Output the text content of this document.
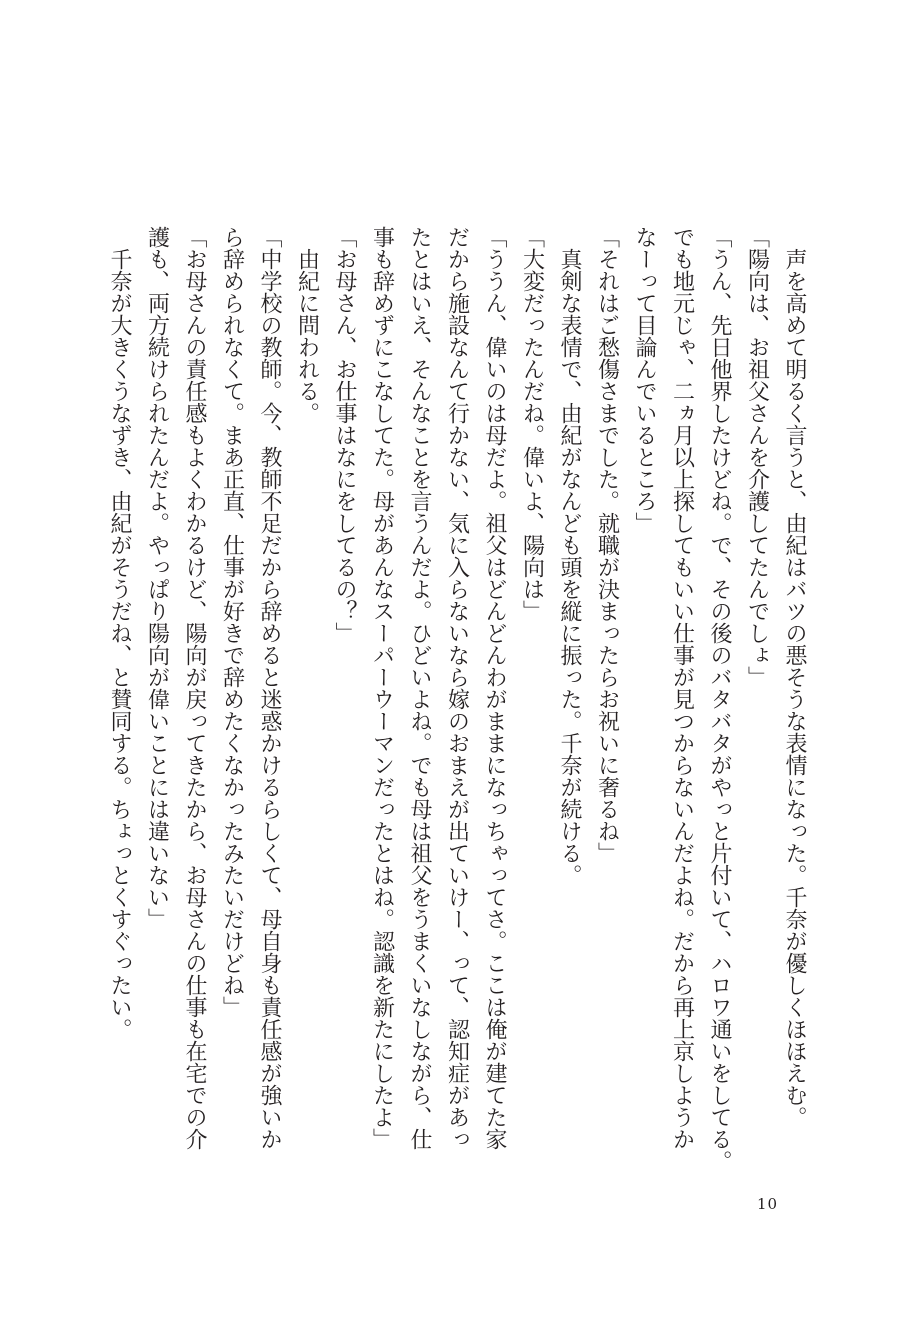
声を高めて明るく言うと、由紀はバツの悪そうな表情になった。千奈が優しくほほえむ。
「陽向は、お祖父さんを介護してたんでしょ」
「うん、先日他界したけどね。で、その後のバタバタがやっと片付いて、ハロワ通いをしてる。
でも地元じゃ、二ヵ月以上探してもいい仕事が見つからないんだよね。だから再上京しようか
なーって目論んでいるところ」
「それはご愁傷さまでした。就職が決まったらお祝いに奢るね」
真剣な表情で、由紀がなんども頭を縦に振った。千奈が続ける。
「大変だったんだね。偉いよ、陽向は」
「ううん、偉いのは母だよ。祖父はどんどんわがままになっちゃってさ。ここは俺が建てた家
だから施設なんて行かない、気に入らないなら嫁のおまえが出ていけー、って、認知症があっ
たとはいえ、そんなことを言うんだよ。ひどいよね。でも母は祖父をうまくいなしながら、仕
事も辞めずにこなしてた。母があんなスーパーウーマンだったとはね。認識を新たにしたよ」
「お母さん、お仕事はなにをしてるの？」
由紀に問われる。
「中学校の教師。今、教師不足だから辞めると迷惑かけるらしくて、母自身も責任感が強いか
ら辞められなくて。まあ正直、仕事が好きで辞めたくなかったみたいだけどね」
「お母さんの責任感もよくわかるけど、陽向が戻ってきたから、お母さんの仕事も在宅での介
護も、両方続けられたんだよ。やっぱり陽向が偉いことには違いない」
千奈が大きくうなずき、由紀がそうだね、と賛同する。ちょっとくすぐったい。
10
